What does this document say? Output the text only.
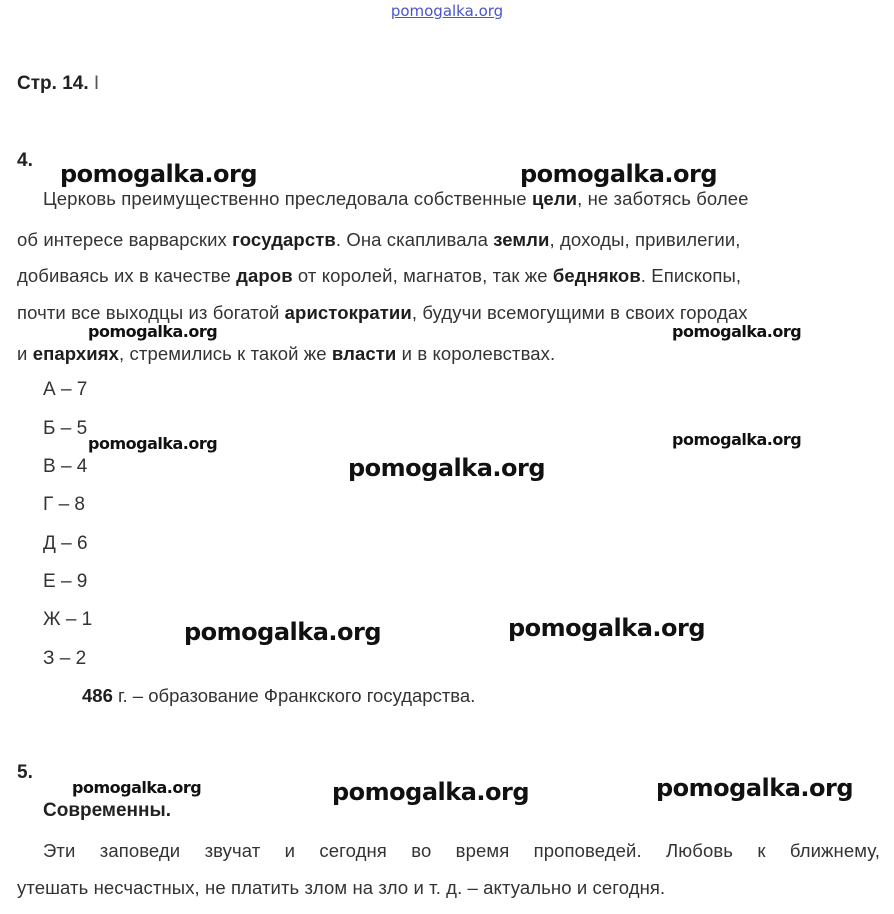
pomogalka.org
Стр. 14. I
4.
Церковь преимущественно преследовала собственные цели, не заботясь более
об интересе варварских государств. Она скапливала земли, доходы, привилегии,
добиваясь их в качестве даров от королей, магнатов, так же бедняков. Епископы,
почти все выходцы из богатой аристократии, будучи всемогущими в своих городах
и епархиях, стремились к такой же власти и в королевствах.
А – 7
Б – 5
В – 4
Г – 8
Д – 6
Е – 9
Ж – 1
З – 2
486 г. – образование Франкского государства.
5.
Современны.
Эти заповеди звучат и сегодня во время проповедей. Любовь к ближнему,
утешать несчастных, не платить злом на зло и т. д. – актуально и сегодня.
pomogalka.org	pomogalka.org
pomogalka.org	pomogalka.org
pomogalka.org	pomogalka.org
pomogalka.org
pomogalka.org	pomogalka.org
pomogalka.org	pomogalka.org	pomogalka.org
